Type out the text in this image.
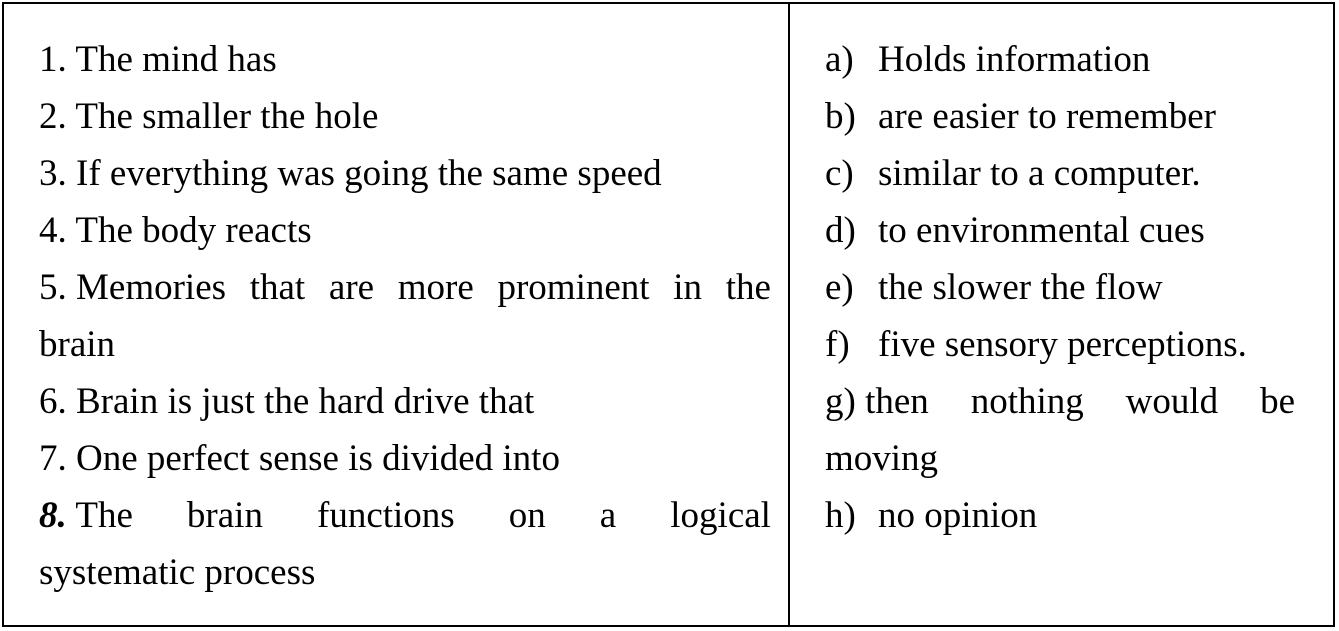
1. The mind has
2. The smaller the hole
3. If everything was going the same speed
4. The body reacts
5. Memories that are more prominent in the
brain
6. Brain is just the hard drive that
7. One perfect sense is divided into
8. The brain functions on a logical
systematic process
a) Holds information
b) are easier to remember
c) similar to a computer.
d) to environmental cues
e) the slower the flow
f) five sensory perceptions.
g) then nothing would be
moving
h) no opinion
